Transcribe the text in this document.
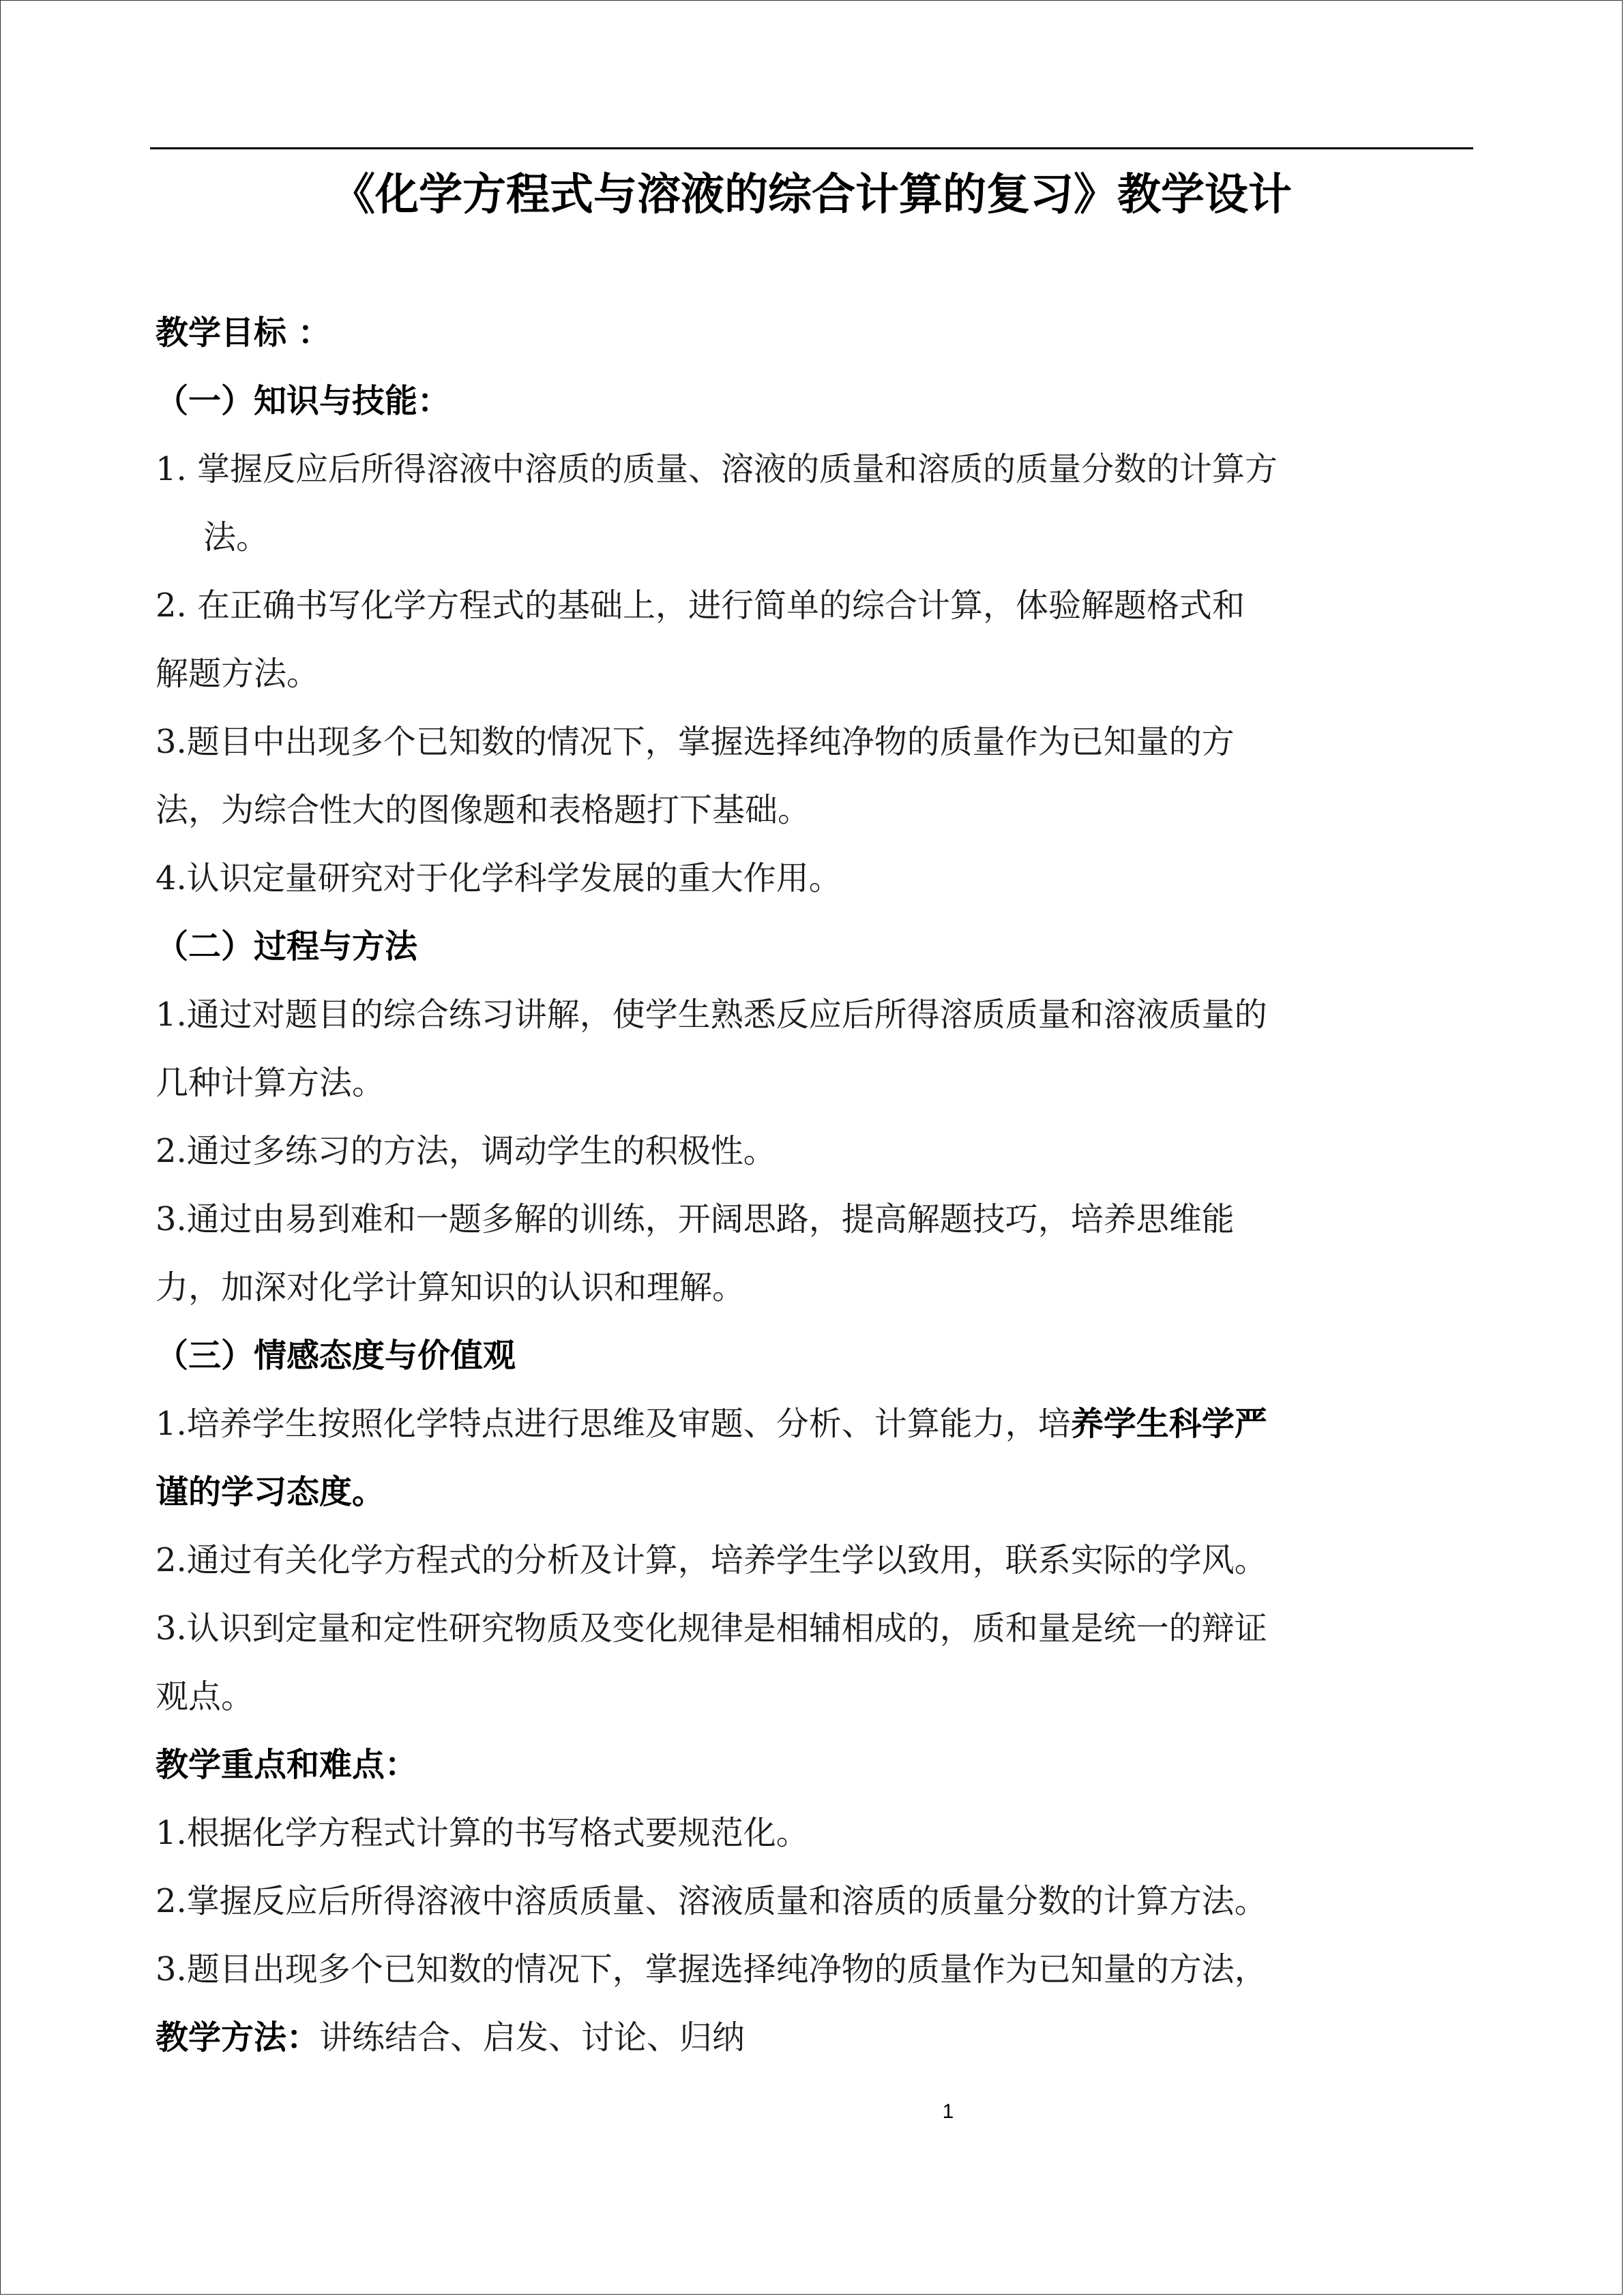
《化学方程式与溶液的综合计算的复习》教学设计
教学目标 ：
（一）知识与技能：
1. 掌握反应后所得溶液中溶质的质量、溶液的质量和溶质的质量分数的计算方
法。
2. 在正确书写化学方程式的基础上，进行简单的综合计算，体验解题格式和
解题方法。
3.题目中出现多个已知数的情况下，掌握选择纯净物的质量作为已知量的方
法，为综合性大的图像题和表格题打下基础。
4.认识定量研究对于化学科学发展的重大作用。
（二）过程与方法
1.通过对题目的综合练习讲解，使学生熟悉反应后所得溶质质量和溶液质量的
几种计算方法。
2.通过多练习的方法，调动学生的积极性。
3.通过由易到难和一题多解的训练，开阔思路，提高解题技巧，培养思维能
力，加深对化学计算知识的认识和理解。
（三）情感态度与价值观
1.培养学生按照化学特点进行思维及审题、分析、计算能力，培养学生科学严
谨的学习态度。
2.通过有关化学方程式的分析及计算，培养学生学以致用，联系实际的学风。
3.认识到定量和定性研究物质及变化规律是相辅相成的，质和量是统一的辩证
观点。
教学重点和难点：
1.根据化学方程式计算的书写格式要规范化。
2.掌握反应后所得溶液中溶质质量、溶液质量和溶质的质量分数的计算方法。
3.题目出现多个已知数的情况下，掌握选择纯净物的质量作为已知量的方法，
教学方法：讲练结合、启发、讨论、归纳
1
